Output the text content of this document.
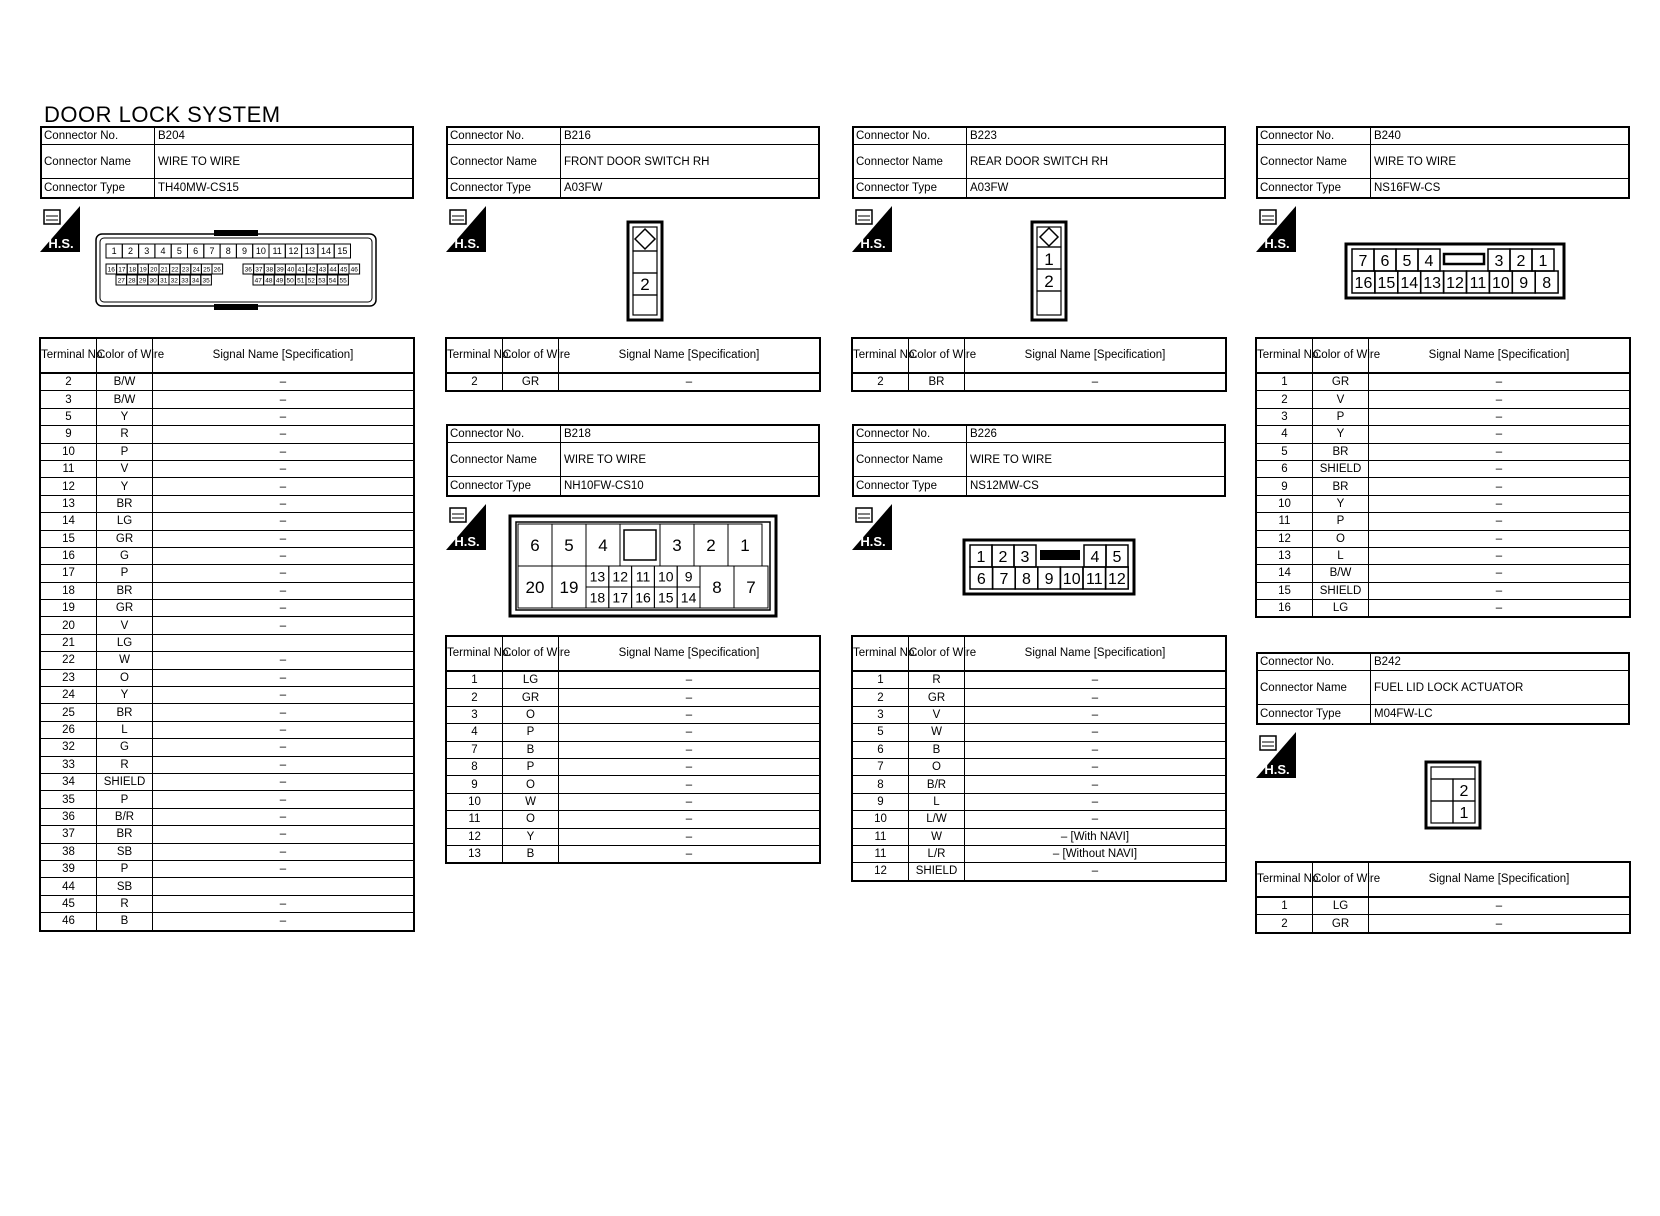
DOOR LOCK SYSTEM
Connector No.	B204
Connector Name	WIRE TO WIRE
Connector Type	TH40MW-CS15
H.S.
1 2 3 4 5 6 7 8 9 10 11 12 13 14 15
16 17 18 19 20 21 22 23 24 25 26	36 37 38 39 40 41 42 43 44 45 46
27 28 29 30 31 32 33 34 35	47 48 49 50 51 52 53 54 55
Terminal No.	Color of Wire	Signal Name [Specification]
2	B/W	–
3	B/W	–
5	Y	–
9	R	–
10	P	–
11	V	–
12	Y	–
13	BR	–
14	LG	–
15	GR	–
16	G	–
17	P	–
18	BR	–
19	GR	–
20	V	–
21	LG	
22	W	–
23	O	–
24	Y	–
25	BR	–
26	L	–
32	G	–
33	R	–
34	SHIELD	–
35	P	–
36	B/R	–
37	BR	–
38	SB	–
39	P	–
44	SB	
45	R	–
46	B	–
Connector No.	B216
Connector Name	FRONT DOOR SWITCH RH
Connector Type	A03FW
H.S.
2
Terminal No.	Color of Wire	Signal Name [Specification]
2	GR	–
Connector No.	B218
Connector Name	WIRE TO WIRE
Connector Type	NH10FW-CS10
H.S.	6 5 4	3 2 1
20 19
13 12 11 10 9
18 17 16 15 14
8 7
Terminal No.	Color of Wire	Signal Name [Specification]
1	LG	–
2	GR	–
3	O	–
4	P	–
7	B	–
8	P	–
9	O	–
10	W	–
11	O	–
12	Y	–
13	B	–
Connector No.	B223
Connector Name	REAR DOOR SWITCH RH
Connector Type	A03FW
H.S.
1
2
Terminal No.	Color of Wire	Signal Name [Specification]
2	BR	–
Connector No.	B226
Connector Name	WIRE TO WIRE
Connector Type	NS12MW-CS
H.S.
1 2 3	4 5
6 7 8 9 10 11 12
Terminal No.	Color of Wire	Signal Name [Specification]
1	R	–
2	GR	–
3	V	–
5	W	–
6	B	–
7	O	–
8	B/R	–
9	L	–
10	L/W	–
11	W	– [With NAVI]
11	L/R	– [Without NAVI]
12	SHIELD	–
Connector No.	B240
Connector Name	WIRE TO WIRE
Connector Type	NS16FW-CS
H.S.
7 6 5 4	3 2 1
16 15 14 13 12 11 10 9 8
Terminal No.	Color of Wire	Signal Name [Specification]
1	GR	–
2	V	–
3	P	–
4	Y	–
5	BR	–
6	SHIELD	–
9	BR	–
10	Y	–
11	P	–
12	O	–
13	L	–
14	B/W	–
15	SHIELD	–
16	LG	–
Connector No.	B242
Connector Name	FUEL LID LOCK ACTUATOR
Connector Type	M04FW-LC
H.S.
2
1
Terminal No.	Color of Wire	Signal Name [Specification]
1	LG	–
2	GR	–
